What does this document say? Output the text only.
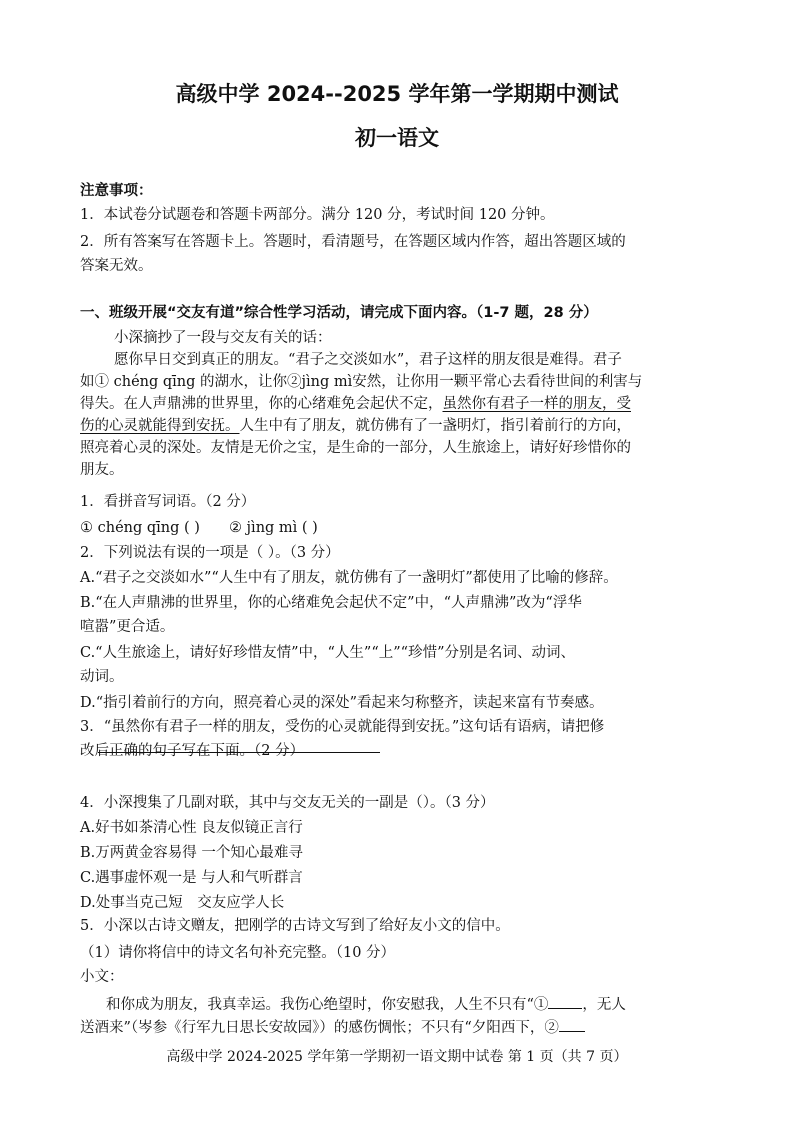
高级中学 2024--2025 学年第一学期期中测试
初一语文
注意事项：
1．本试卷分试题卷和答题卡两部分。满分 120 分，考试时间 120 分钟。
2．所有答案写在答题卡上。答题时，看清题号，在答题区域内作答，超出答题区域的
答案无效。
一、班级开展“交友有道”综合性学习活动，请完成下面内容。（1-7 题，28 分）
小深摘抄了一段与交友有关的话：
愿你早日交到真正的朋友。“君子之交淡如水”，君子这样的朋友很是难得。君子
如① chéng qīng 的湖水，让你②jìng mì安然，让你用一颗平常心去看待世间的利害与
得失。在人声鼎沸的世界里，你的心绪难免会起伏不定，虽然你有君子一样的朋友，受
伤的心灵就能得到安抚。人生中有了朋友，就仿佛有了一盏明灯，指引着前行的方向，
照亮着心灵的深处。友情是无价之宝，是生命的一部分，人生旅途上，请好好珍惜你的
朋友。
1．看拼音写词语。（2 分）
① chéng qīng ( )　　② jìng mì ( )
2．下列说法有误的一项是（ ）。（3 分）
A.“君子之交淡如水”“人生中有了朋友，就仿佛有了一盏明灯”都使用了比喻的修辞。
B.“在人声鼎沸的世界里，你的心绪难免会起伏不定”中，“人声鼎沸”改为“浮华
喧嚣”更合适。
C.“人生旅途上，请好好珍惜友情”中，“人生”“上”“珍惜”分别是名词、动词、
动词。
D.“指引着前行的方向，照亮着心灵的深处”看起来匀称整齐，读起来富有节奏感。
3．“虽然你有君子一样的朋友，受伤的心灵就能得到安抚。”这句话有语病，请把修
改后正确的句子写在下面。（2 分）
4．小深搜集了几副对联，其中与交友无关的一副是（）。（3 分）
A.好书如茶清心性 良友似镜正言行
B.万两黄金容易得 一个知心最难寻
C.遇事虚怀观一是 与人和气听群言
D.处事当克己短　交友应学人长
5．小深以古诗文赠友，把刚学的古诗文写到了给好友小文的信中。
（1）请你将信中的诗文名句补充完整。（10 分）
小文：
和你成为朋友，我真幸运。我伤心绝望时，你安慰我，人生不只有“① ，无人
送酒来”（岑参《行军九日思长安故园》）的感伤惆怅；不只有“夕阳西下，②
高级中学 2024-2025 学年第一学期初一语文期中试卷 第 1 页（共 7 页）
